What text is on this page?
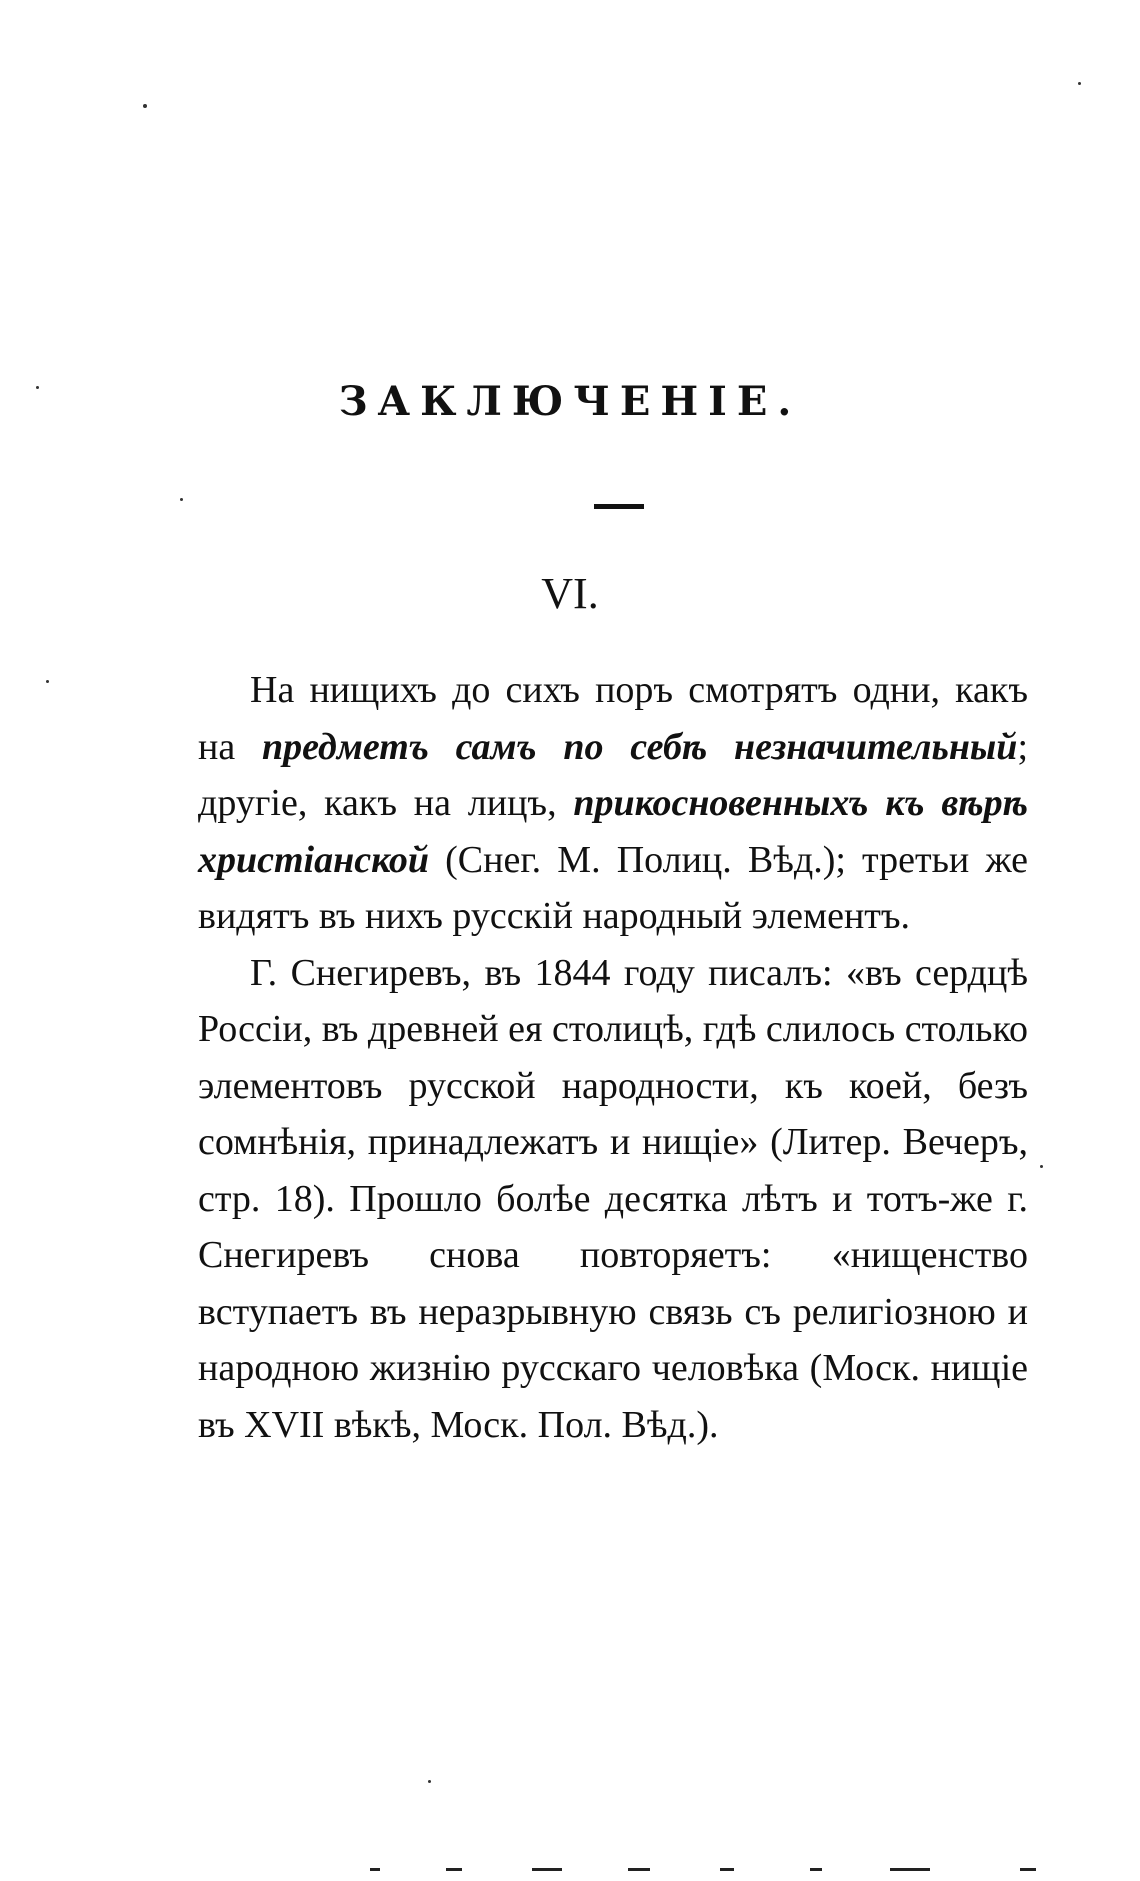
ЗАКЛЮЧЕНІЕ.
VI.

На нищихъ до сихъ поръ смотрятъ одни, какъ на предметъ самъ по себѣ незначительный; другіе, какъ на лицъ, прикосновенныхъ къ вѣрѣ христіанской (Снег. М. Полиц. Вѣд.); третьи же видятъ въ нихъ русскій народный элементъ.

Г. Снегиревъ, въ 1844 году писалъ: «въ сердцѣ Россіи, въ древней ея столицѣ, гдѣ слилось столько элементовъ русской народности, къ коей, безъ сомнѣнія, принадлежатъ и нищіе» (Литер. Вечеръ, стр. 18). Прошло болѣе десятка лѣтъ и тотъ-же г. Снегиревъ снова повторяетъ: «нищенство вступаетъ въ неразрывную связь съ религіозною и народною жизнію русскаго человѣка (Моск. нищіе въ XVII вѣкѣ, Моск. Пол. Вѣд.).
